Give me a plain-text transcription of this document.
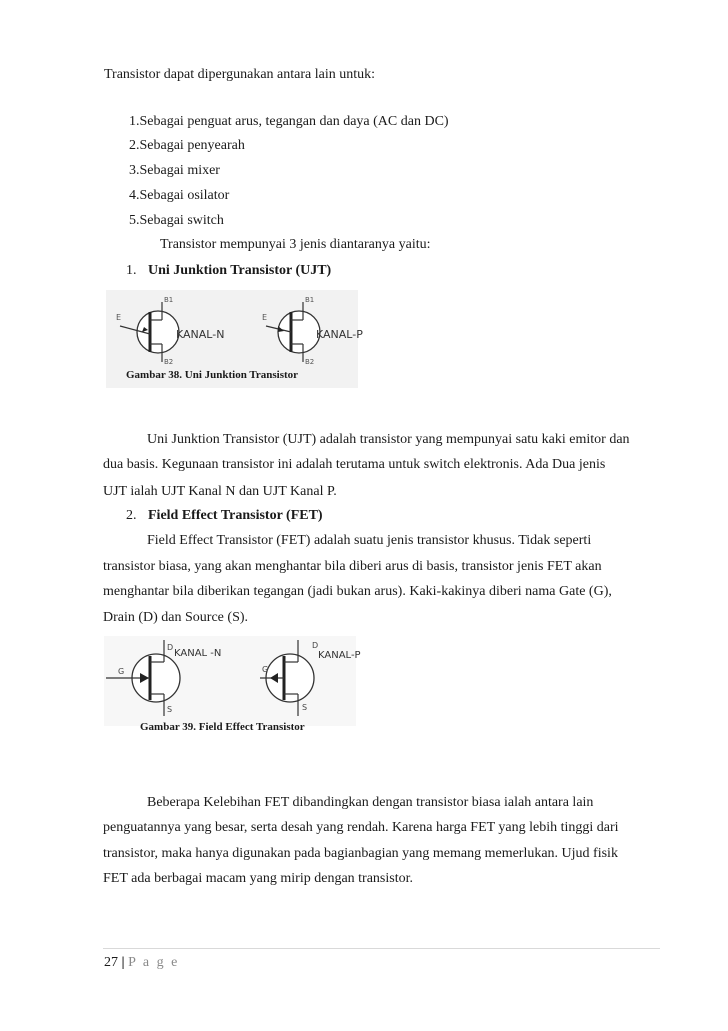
Transistor dapat dipergunakan antara lain untuk:
1.Sebagai penguat arus, tegangan dan daya (AC dan DC)
2.Sebagai penyearah
3.Sebagai mixer
4.Sebagai osilator
5.Sebagai switch
Transistor mempunyai 3 jenis diantaranya yaitu:
1. Uni Junktion Transistor (UJT)
B1
B2
E
KANAL-N
B1
B2
E
KANAL-P
Gambar 38. Uni Junktion Transistor
Uni Junktion Transistor (UJT) adalah transistor yang mempunyai satu kaki emitor dan
dua basis. Kegunaan transistor ini adalah terutama untuk switch elektronis. Ada Dua jenis
UJT ialah UJT Kanal N dan UJT Kanal P.
2. Field Effect Transistor (FET)
Field Effect Transistor (FET) adalah suatu jenis transistor khusus. Tidak seperti
transistor biasa, yang akan menghantar bila diberi arus di basis, transistor jenis FET akan
menghantar bila diberikan tegangan (jadi bukan arus). Kaki-kakinya diberi nama Gate (G),
Drain (D) dan Source (S).
D
G
S
KANAL -N
D
G
S
KANAL-P
Gambar 39. Field Effect Transistor
Beberapa Kelebihan FET dibandingkan dengan transistor biasa ialah antara lain
penguatannya yang besar, serta desah yang rendah. Karena harga FET yang lebih tinggi dari
transistor, maka hanya digunakan pada bagianbagian yang memang memerlukan. Ujud fisik
FET ada berbagai macam yang mirip dengan transistor.
27 | P a g e
